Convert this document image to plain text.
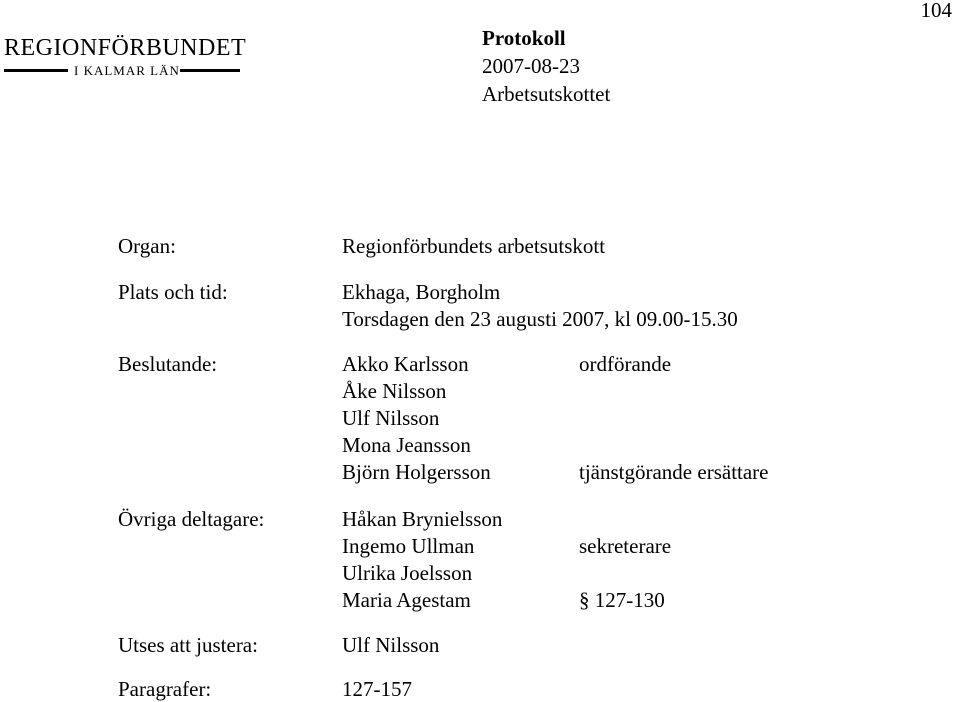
104
REGIONFÖRBUNDET
I KALMAR LÄN
Protokoll
2007-08-23
Arbetsutskottet
Organ:	Regionförbundets arbetsutskott
Plats och tid:	Ekhaga, Borgholm
Torsdagen den 23 augusti 2007, kl 09.00-15.30
Beslutande:	Akko Karlsson	ordförande
Åke Nilsson
Ulf Nilsson
Mona Jeansson
Björn Holgersson	tjänstgörande ersättare
Övriga deltagare:	Håkan Brynielsson
Ingemo Ullman	sekreterare
Ulrika Joelsson
Maria Agestam	§ 127-130
Utses att justera:	Ulf Nilsson
Paragrafer:	127-157
